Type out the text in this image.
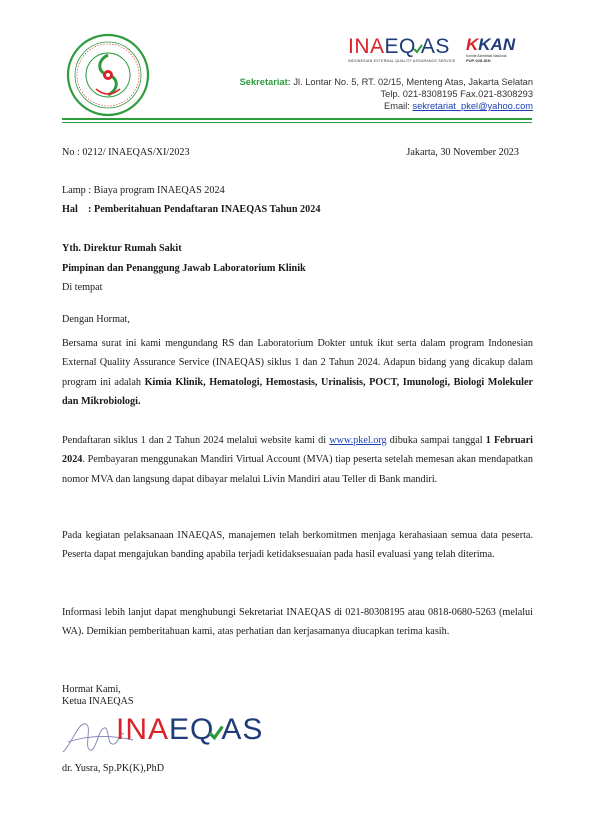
INAEQ AS
INDONESIAN EXTERNAL QUALITY ASSURANCE SERVICE
KKAN
Komite Akreditasi Nasional
PUP-028-IDN
Sekretariat: Jl. Lontar No. 5, RT. 02/15, Menteng Atas, Jakarta Selatan
Telp. 021-8308195 Fax.021-8308293
Email: sekretariat_pkel@yahoo.com
No : 0212/ INAEQAS/XI/2023	Jakarta, 30 November 2023
Lamp : Biaya program INAEQAS 2024
Hal : Pemberitahuan Pendaftaran INAEQAS Tahun 2024
Yth. Direktur Rumah Sakit
Pimpinan dan Penanggung Jawab Laboratorium Klinik
Di tempat
Dengan Hormat,
Bersama surat ini kami mengundang RS dan Laboratorium Dokter untuk ikut serta dalam program Indonesian External Quality Assurance Service (INAEQAS) siklus 1 dan 2 Tahun 2024. Adapun bidang yang dicakup dalam program ini adalah Kimia Klinik, Hematologi, Hemostasis, Urinalisis, POCT, Imunologi, Biologi Molekuler dan Mikrobiologi.
Pendaftaran siklus 1 dan 2 Tahun 2024 melalui website kami di www.pkel.org dibuka sampai tanggal 1 Februari 2024. Pembayaran menggunakan Mandiri Virtual Account (MVA) tiap peserta setelah memesan akan mendapatkan nomor MVA dan langsung dapat dibayar melalui Livin Mandiri atau Teller di Bank mandiri.
Pada kegiatan pelaksanaan INAEQAS, manajemen telah berkomitmen menjaga kerahasiaan semua data peserta. Peserta dapat mengajukan banding apabila terjadi ketidaksesuaian pada hasil evaluasi yang telah diterima.
Informasi lebih lanjut dapat menghubungi Sekretariat INAEQAS di 021-80308195 atau 0818-0680-5263 (melalui WA). Demikian pemberitahuan kami, atas perhatian dan kerjasamanya diucapkan terima kasih.
Hormat Kami,
Ketua INAEQAS
INAEQ AS
dr. Yusra, Sp.PK(K),PhD
